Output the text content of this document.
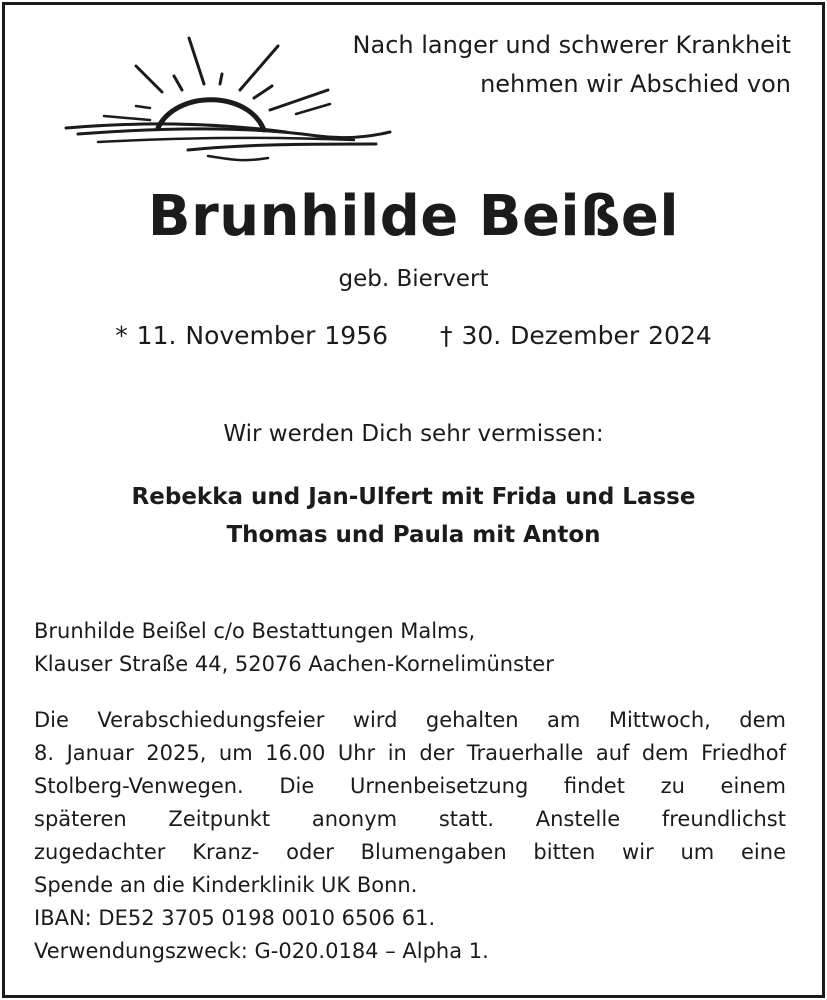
Nach langer und schwerer Krankheit
nehmen wir Abschied von
Brunhilde Beißel
geb. Biervert
* 11. November 1956 † 30. Dezember 2024
Wir werden Dich sehr vermissen:
Rebekka und Jan-Ulfert mit Frida und Lasse
Thomas und Paula mit Anton
Brunhilde Beißel c/o Bestattungen Malms,
Klauser Straße 44, 52076 Aachen-Kornelimünster
Die Verabschiedungsfeier wird gehalten am Mittwoch, dem
8. Januar 2025, um 16.00 Uhr in der Trauerhalle auf dem Friedhof
Stolberg-Venwegen. Die Urnenbeisetzung findet zu einem
späteren Zeitpunkt anonym statt. Anstelle freundlichst
zugedachter Kranz- oder Blumengaben bitten wir um eine
Spende an die Kinderklinik UK Bonn.
IBAN: DE52 3705 0198 0010 6506 61.
Verwendungszweck: G-020.0184 – Alpha 1.
